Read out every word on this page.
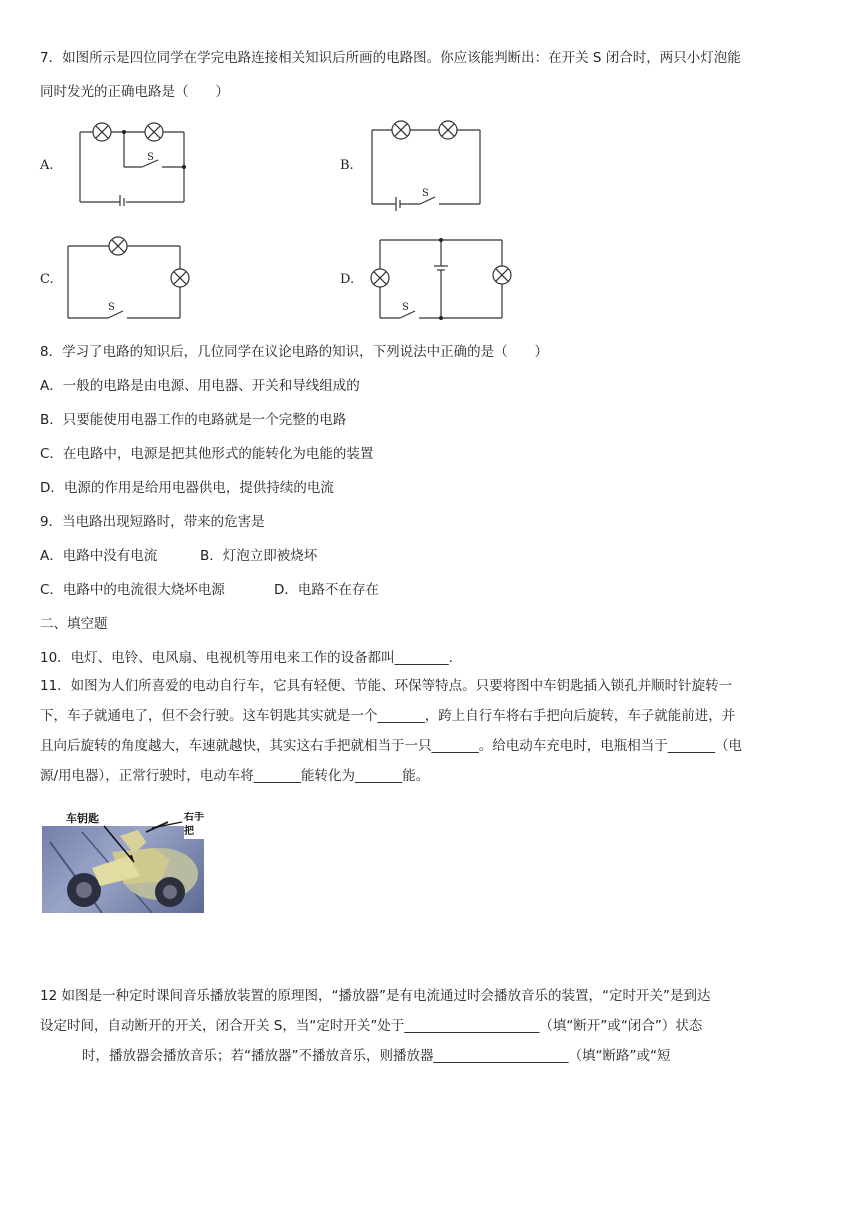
7．如图所示是四位同学在学完电路连接相关知识后所画的电路图。你应该能判断出：在开关 S 闭合时，两只小灯泡能
同时发光的正确电路是（　　）
A.	B.
C.	D.
S
S
S	S
8．学习了电路的知识后，几位同学在议论电路的知识，下列说法中正确的是（　　）
A．一般的电路是由电源、用电器、开关和导线组成的
B．只要能使用电器工作的电路就是一个完整的电路
C．在电路中，电源是把其他形式的能转化为电能的装置
D．电源的作用是给用电器供电，提供持续的电流
9．当电路出现短路时，带来的危害是
A．电路中没有电流	B．灯泡立即被烧坏
C．电路中的电流很大烧坏电源	D．电路不在存在
二、填空题
10．电灯、电铃、电风扇、电视机等用电来工作的设备都叫________.
11．如图为人们所喜爱的电动自行车，它具有轻便、节能、环保等特点。只要将图中车钥匙插入锁孔并顺时针旋转一
下，车子就通电了，但不会行驶。这车钥匙其实就是一个_______，跨上自行车将右手把向后旋转，车子就能前进，并
且向后旋转的角度越大，车速就越快，其实这右手把就相当于一只_______。给电动车充电时，电瓶相当于_______（电
源/用电器），正常行驶时，电动车将_______能转化为_______能。
车钥匙	右手把
12 如图是一种定时课间音乐播放装置的原理图，“播放器”是有电流通过时会播放音乐的装置，“定时开关”是到达
设定时间，自动断开的开关，闭合开关 S，当“定时开关”处于____________________（填“断开”或“闭合”）状态
时，播放器会播放音乐；若“播放器”不播放音乐，则播放器____________________（填“断路”或“短
